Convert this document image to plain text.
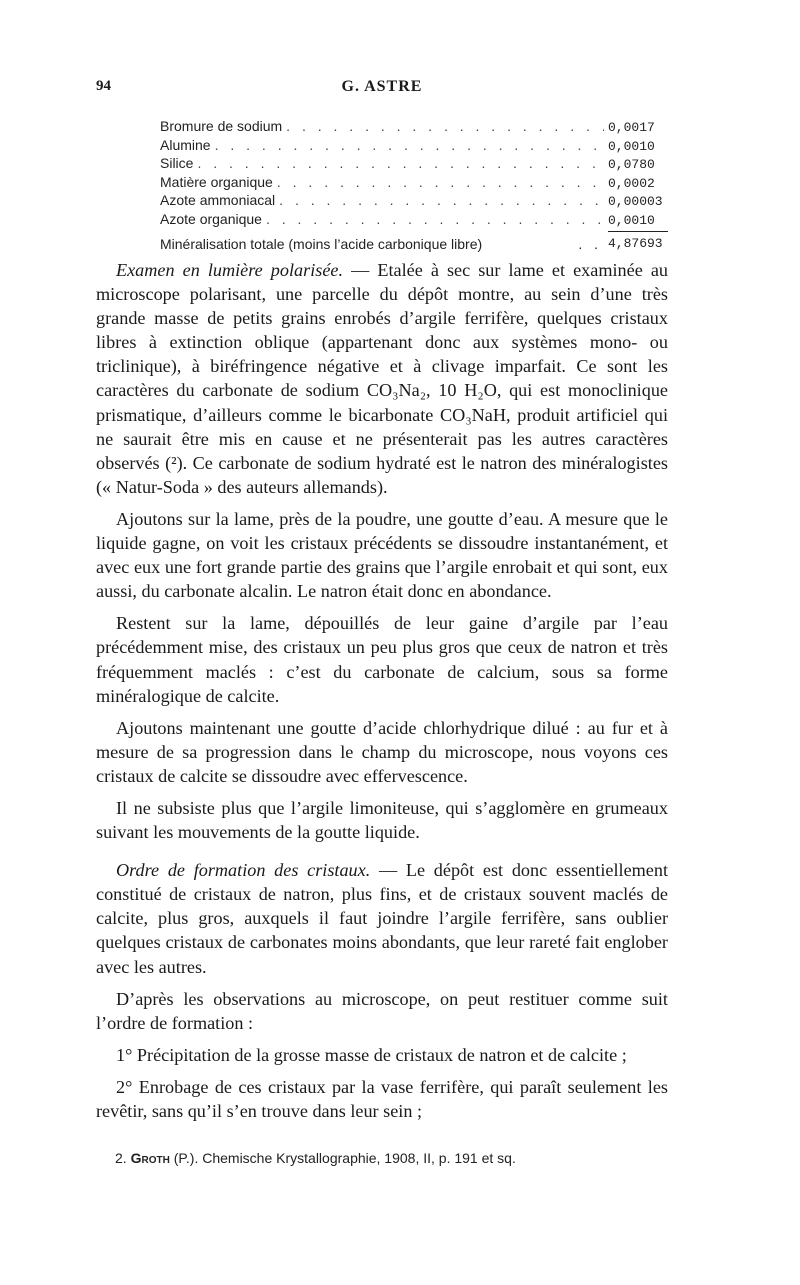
94	G. ASTRE
Bromure de sodium . . .	0,0017
Alumine . . .	0,0010
Silice . . .	0,0780
Matière organique . . .	0,0002
Azote ammoniacal . . .	0,00003
Azote organique . . .	0,0010
Minéralisation totale (moins l’acide carbonique libre)	. . 4,87693

Examen en lumière polarisée. — Etalée à sec sur lame et examinée au microscope polarisant, une parcelle du dépôt montre, au sein d’une très grande masse de petits grains enrobés d’argile ferrifère, quelques cristaux libres à extinction oblique (appartenant donc aux systèmes mono- ou triclinique), à biréfringence négative et à clivage imparfait. Ce sont les caractères du carbonate de sodium CO₃Na₂, 10 H₂O, qui est monoclinique prismatique, d’ailleurs comme le bicarbonate CO₃NaH, produit artificiel qui ne saurait être mis en cause et ne présenterait pas les autres caractères observés (²). Ce carbonate de sodium hydraté est le natron des minéralogistes (« Natur-Soda » des auteurs allemands).

Ajoutons sur la lame, près de la poudre, une goutte d’eau. A mesure que le liquide gagne, on voit les cristaux précédents se dissoudre instantanément, et avec eux une fort grande partie des grains que l’argile enrobait et qui sont, eux aussi, du carbonate alcalin. Le natron était donc en abondance.

Restent sur la lame, dépouillés de leur gaine d’argile par l’eau précédemment mise, des cristaux un peu plus gros que ceux de natron et très fréquemment maclés : c’est du carbonate de calcium, sous sa forme minéralogique de calcite.

Ajoutons maintenant une goutte d’acide chlorhydrique dilué : au fur et à mesure de sa progression dans le champ du microscope, nous voyons ces cristaux de calcite se dissoudre avec effervescence.

Il ne subsiste plus que l’argile limoniteuse, qui s’agglomère en grumeaux suivant les mouvements de la goutte liquide.

Ordre de formation des cristaux. — Le dépôt est donc essentiellement constitué de cristaux de natron, plus fins, et de cristaux souvent maclés de calcite, plus gros, auxquels il faut joindre l’argile ferrifère, sans oublier quelques cristaux de carbonates moins abondants, que leur rareté fait englober avec les autres.

D’après les observations au microscope, on peut restituer comme suit l’ordre de formation :

1° Précipitation de la grosse masse de cristaux de natron et de calcite ;

2° Enrobage de ces cristaux par la vase ferrifère, qui paraît seulement les revêtir, sans qu’il s’en trouve dans leur sein ;

2. Groth (P.). Chemische Krystallographie, 1908, II, p. 191 et sq.
